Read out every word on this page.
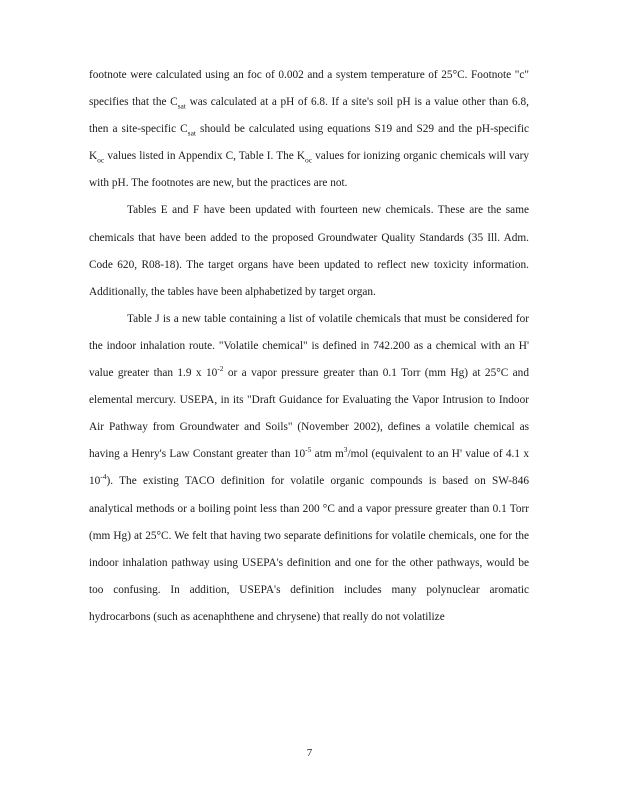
footnote were calculated using an foc of 0.002 and a system temperature of 25°C. Footnote "c" specifies that the $C_{sat}$ was calculated at a pH of 6.8. If a site's soil pH is a value other than 6.8, then a site-specific $C_{sat}$ should be calculated using equations S19 and S29 and the pH-specific $K_{oc}$ values listed in Appendix C, Table I. The $K_{oc}$ values for ionizing organic chemicals will vary with pH. The footnotes are new, but the practices are not.

Tables E and F have been updated with fourteen new chemicals. These are the same chemicals that have been added to the proposed Groundwater Quality Standards (35 Ill. Adm. Code 620, R08-18). The target organs have been updated to reflect new toxicity information. Additionally, the tables have been alphabetized by target organ.

Table J is a new table containing a list of volatile chemicals that must be considered for the indoor inhalation route. "Volatile chemical" is defined in 742.200 as a chemical with an H' value greater than 1.9 x $10^{-2}$ or a vapor pressure greater than 0.1 Torr (mm Hg) at 25°C and elemental mercury. USEPA, in its "Draft Guidance for Evaluating the Vapor Intrusion to Indoor Air Pathway from Groundwater and Soils" (November 2002), defines a volatile chemical as having a Henry's Law Constant greater than $10^{-5}$ atm $m^3$/mol (equivalent to an H' value of 4.1 x $10^{-4}$). The existing TACO definition for volatile organic compounds is based on SW-846 analytical methods or a boiling point less than 200 °C and a vapor pressure greater than 0.1 Torr (mm Hg) at 25°C. We felt that having two separate definitions for volatile chemicals, one for the indoor inhalation pathway using USEPA's definition and one for the other pathways, would be too confusing. In addition, USEPA's definition includes many polynuclear aromatic hydrocarbons (such as acenaphthene and chrysene) that really do not volatilize

7
